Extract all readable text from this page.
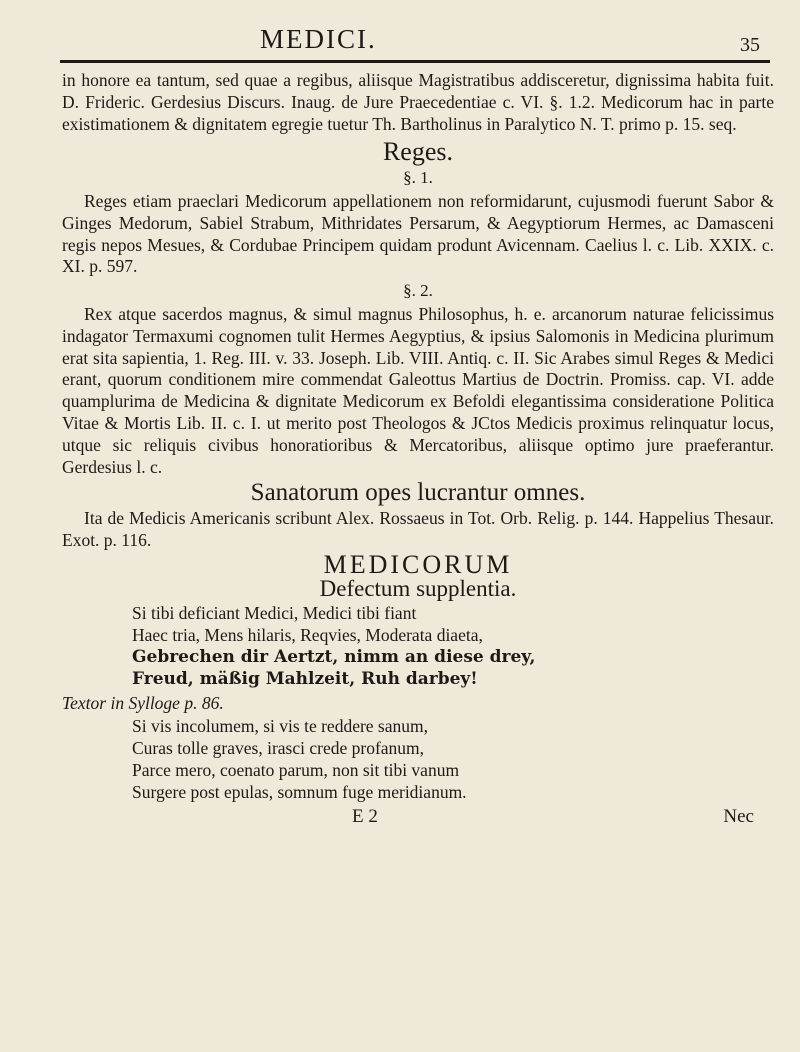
MEDICI.	35

in honore ea tantum, sed quae a regibus, aliisque Magistratibus addisceretur, dignissima habita fuit. D. Frideric. Gerdesius Discurs. Inaug. de Jure Praecedentiae c. VI. §. 1.2. Medicorum hac in parte existimationem & dignitatem egregie tuetur Th. Bartholinus in Paralytico N. T. primo p. 15. seq.

Reges.
§. 1.

Reges etiam praeclari Medicorum appellationem non reformidarunt, cujusmodi fuerunt Sabor & Ginges Medorum, Sabiel Strabum, Mithridates Persarum, & Aegyptiorum Hermes, ac Damasceni regis nepos Mesues, & Cordubae Principem quidam produnt Avicennam. Caelius l. c. Lib. XXIX. c. XI. p. 597.

§. 2.

Rex atque sacerdos magnus, & simul magnus Philosophus, h. e. arcanorum naturae felicissimus indagator Termaxumi cognomen tulit Hermes Aegyptius, & ipsius Salomonis in Medicina plurimum erat sita sapientia, 1. Reg. III. v. 33. Joseph. Lib. VIII. Antiq. c. II. Sic Arabes simul Reges & Medici erant, quorum conditionem mire commendat Galeottus Martius de Doctrin. Promiss. cap. VI. adde quamplurima de Medicina & dignitate Medicorum ex Befoldi elegantissima consideratione Politica Vitae & Mortis Lib. II. c. I. ut merito post Theologos & JCtos Medicis proximus relinquatur locus, utque sic reliquis civibus honoratioribus & Mercatoribus, aliisque optimo jure praeferantur. Gerdesius l. c.

Sanatorum opes lucrantur omnes.

Ita de Medicis Americanis scribunt Alex. Rossaeus in Tot. Orb. Relig. p. 144. Happelius Thesaur. Exot. p. 116.

MEDICORUM
Defectum supplentia.
Si tibi deficiant Medici, Medici tibi fiant
Haec tria, Mens hilaris, Reqvies, Moderata diaeta,
Gebrechen dir Aertzt, nimm an diese drey,
Freud, mäßig Mahlzeit, Ruh darbey!
Textor in Sylloge p. 86.
Si vis incolumem, si vis te reddere sanum,
Curas tolle graves, irasci crede profanum,
Parce mero, coenato parum, non sit tibi vanum
Surgere post epulas, somnum fuge meridianum.
E 2	Nec
